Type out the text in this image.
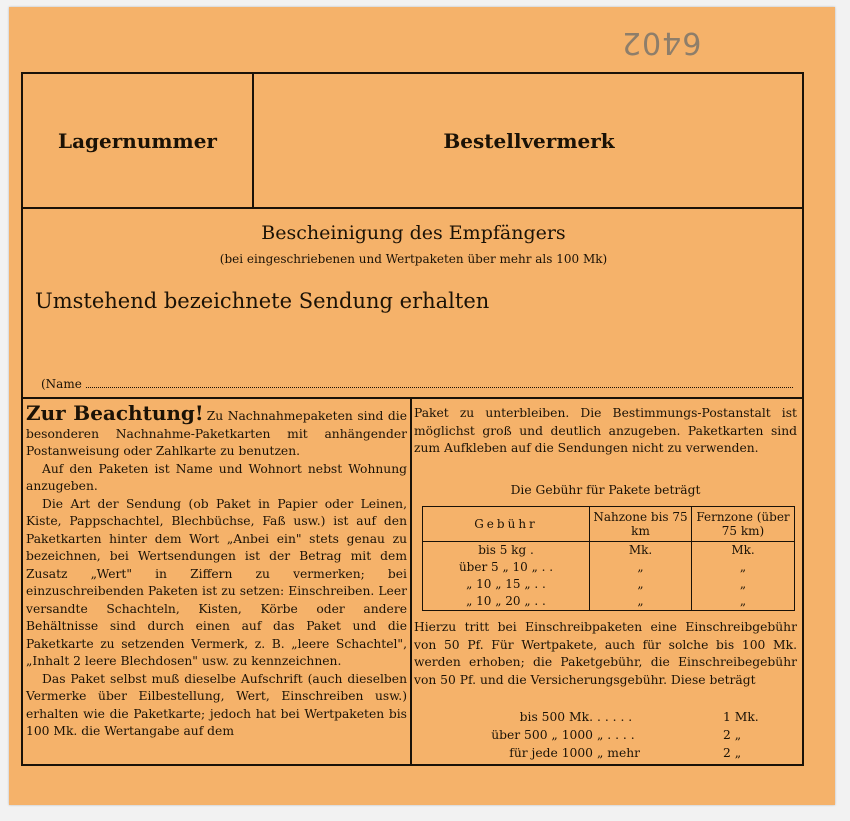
6402
Lagernummer	Bestellvermerk
Bescheinigung des Empfängers
(bei eingeschriebenen und Wertpaketen über mehr als 100 Mk)
Umstehend bezeichnete Sendung erhalten
(Name

Zur Beachtung! Zu Nachnahmepaketen sind die besonderen Nachnahme-Paketkarten mit anhängender Postanweisung oder Zahlkarte zu benutzen.

Auf den Paketen ist Name und Wohnort nebst Wohnung anzugeben.

Die Art der Sendung (ob Paket in Papier oder Leinen, Kiste, Pappschachtel, Blechbüchse, Faß usw.) ist auf den Paketkarten hinter dem Wort „Anbei ein" stets genau zu bezeichnen, bei Wertsendungen ist der Betrag mit dem Zusatz „Wert" in Ziffern zu vermerken; bei einzuschreibenden Paketen ist zu setzen: Einschreiben. Leer versandte Schachteln, Kisten, Körbe oder andere Behältnisse sind durch einen auf das Paket und die Paketkarte zu setzenden Vermerk, z. B. „leere Schachtel", „Inhalt 2 leere Blechdosen" usw. zu kennzeichnen.

Das Paket selbst muß dieselbe Aufschrift (auch dieselben Vermerke über Eilbestellung, Wert, Einschreiben usw.) erhalten wie die Paketkarte; jedoch hat bei Wertpaketen bis 100 Mk. die Wertangabe auf dem

Paket zu unterbleiben. Die Bestimmungs-Postanstalt ist möglichst groß und deutlich anzugeben. Paketkarten sind zum Aufkleben auf die Sendungen nicht zu verwenden.

Die Gebühr für Pakete beträgt
Gebühr	Nahzone bis 75 km	Fernzone (über 75 km)
bis 5 kg .	Mk.	Mk.
über 5 „ 10 „ . .	„	„
„ 10 „ 15 „ . .	„	„
„ 10 „ 20 „ . .	„	„
Hierzu tritt bei Einschreibpaketen eine Einschreibgebühr von 50 Pf. Für Wertpakete, auch für solche bis 100 Mk. werden erhoben; die Paketgebühr, die Einschreibegebühr von 50 Pf. und die Versicherungsgebühr. Diese beträgt
bis 500 Mk. . . . . .	1 Mk.
über 500 „ 1000 „ . . . .	2 „
für jede 1000 „ mehr	2 „
